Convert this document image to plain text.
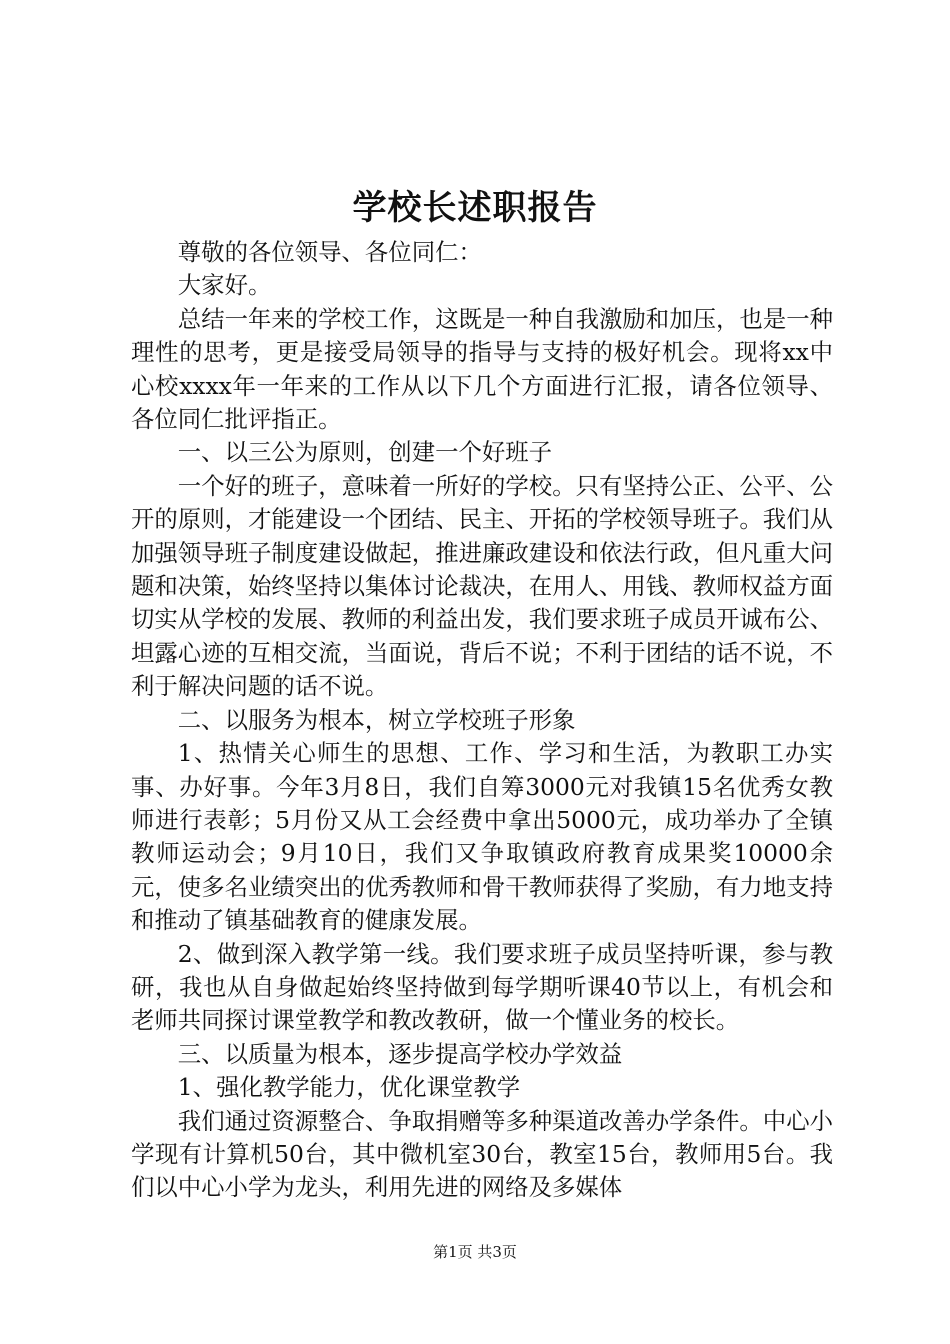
学校长述职报告

尊敬的各位领导、各位同仁：

大家好。

总结一年来的学校工作，这既是一种自我激励和加压，也是一种理性的思考，更是接受局领导的指导与支持的极好机会。现将xx中心校xxxx年一年来的工作从以下几个方面进行汇报，请各位领导、各位同仁批评指正。

一、以三公为原则，创建一个好班子

一个好的班子，意味着一所好的学校。只有坚持公正、公平、公开的原则，才能建设一个团结、民主、开拓的学校领导班子。我们从加强领导班子制度建设做起，推进廉政建设和依法行政，但凡重大问题和决策，始终坚持以集体讨论裁决，在用人、用钱、教师权益方面切实从学校的发展、教师的利益出发，我们要求班子成员开诚布公、坦露心迹的互相交流，当面说，背后不说；不利于团结的话不说，不利于解决问题的话不说。

二、以服务为根本，树立学校班子形象

1、热情关心师生的思想、工作、学习和生活，为教职工办实事、办好事。今年3月8日，我们自筹3000元对我镇15名优秀女教师进行表彰；5月份又从工会经费中拿出5000元，成功举办了全镇教师运动会；9月10日，我们又争取镇政府教育成果奖10000余元，使多名业绩突出的优秀教师和骨干教师获得了奖励，有力地支持和推动了镇基础教育的健康发展。

2、做到深入教学第一线。我们要求班子成员坚持听课，参与教研，我也从自身做起始终坚持做到每学期听课40节以上，有机会和老师共同探讨课堂教学和教改教研，做一个懂业务的校长。

三、以质量为根本，逐步提高学校办学效益

1、强化教学能力，优化课堂教学

我们通过资源整合、争取捐赠等多种渠道改善办学条件。中心小学现有计算机50台，其中微机室30台，教室15台，教师用5台。我们以中心小学为龙头，利用先进的网络及多媒体

第1页 共3页
